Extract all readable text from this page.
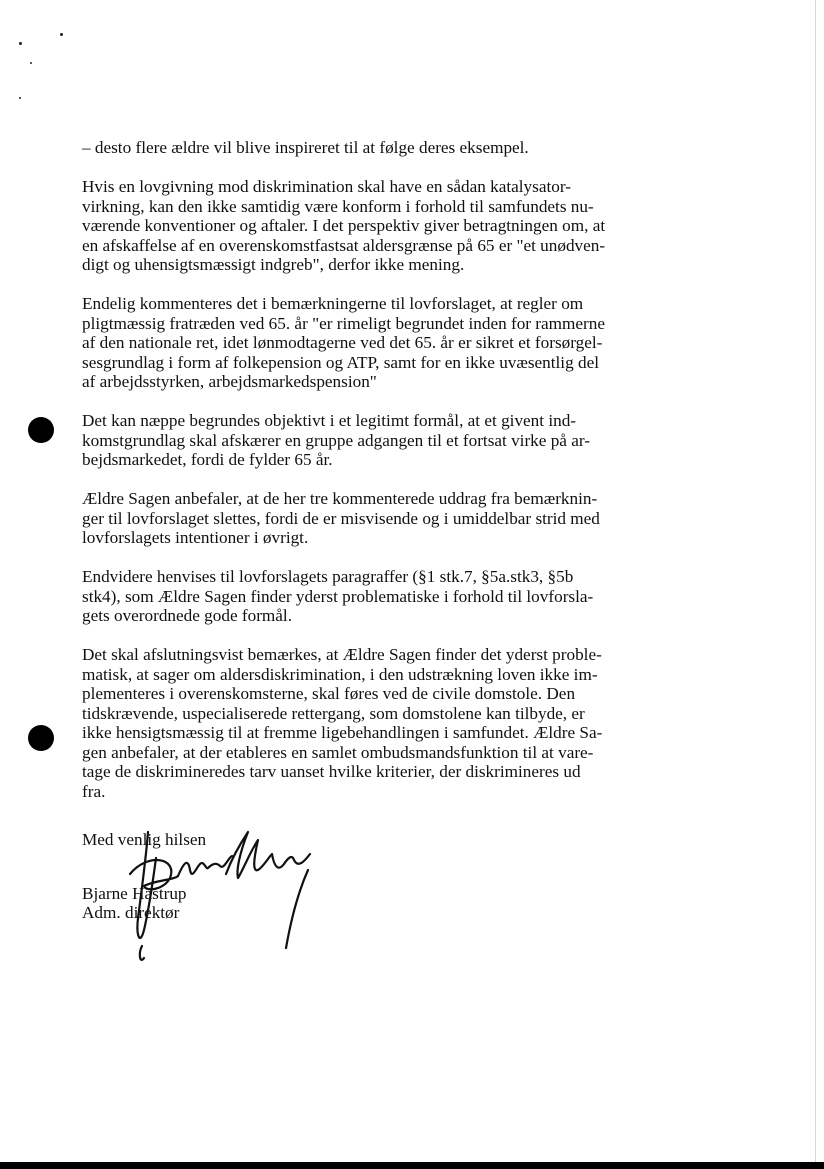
– desto flere ældre vil blive inspireret til at følge deres eksempel.

Hvis en lovgivning mod diskrimination skal have en sådan katalysator-
virkning, kan den ikke samtidig være konform i forhold til samfundets nu-
værende konventioner og aftaler. I det perspektiv giver betragtningen om, at
en afskaffelse af en overenskomstfastsat aldersgrænse på 65 er "et unødven-
digt og uhensigtsmæssigt indgreb", derfor ikke mening.

Endelig kommenteres det i bemærkningerne til lovforslaget, at regler om
pligtmæssig fratræden ved 65. år "er rimeligt begrundet inden for rammerne
af den nationale ret, idet lønmodtagerne ved det 65. år er sikret et forsørgel-
sesgrundlag i form af folkepension og ATP, samt for en ikke uvæsentlig del
af arbejdsstyrken, arbejdsmarkedspension"

Det kan næppe begrundes objektivt i et legitimt formål, at et givent ind-
komstgrundlag skal afskærer en gruppe adgangen til et fortsat virke på ar-
bejdsmarkedet, fordi de fylder 65 år.

Ældre Sagen anbefaler, at de her tre kommenterede uddrag fra bemærknin-
ger til lovforslaget slettes, fordi de er misvisende og i umiddelbar strid med
lovforslagets intentioner i øvrigt.

Endvidere henvises til lovforslagets paragraffer (§1 stk.7, §5a.stk3, §5b
stk4), som Ældre Sagen finder yderst problematiske i forhold til lovforsla-
gets overordnede gode formål.

Det skal afslutningsvist bemærkes, at Ældre Sagen finder det yderst proble-
matisk, at sager om aldersdiskrimination, i den udstrækning loven ikke im-
plementeres i overenskomsterne, skal føres ved de civile domstole. Den
tidskrævende, uspecialiserede rettergang, som domstolene kan tilbyde, er
ikke hensigtsmæssig til at fremme ligebehandlingen i samfundet. Ældre Sa-
gen anbefaler, at der etableres en samlet ombudsmandsfunktion til at vare-
tage de diskrimineredes tarv uanset hvilke kriterier, der diskrimineres ud
fra.

Med venlig hilsen
Bjarne Hastrup
Adm. direktør
